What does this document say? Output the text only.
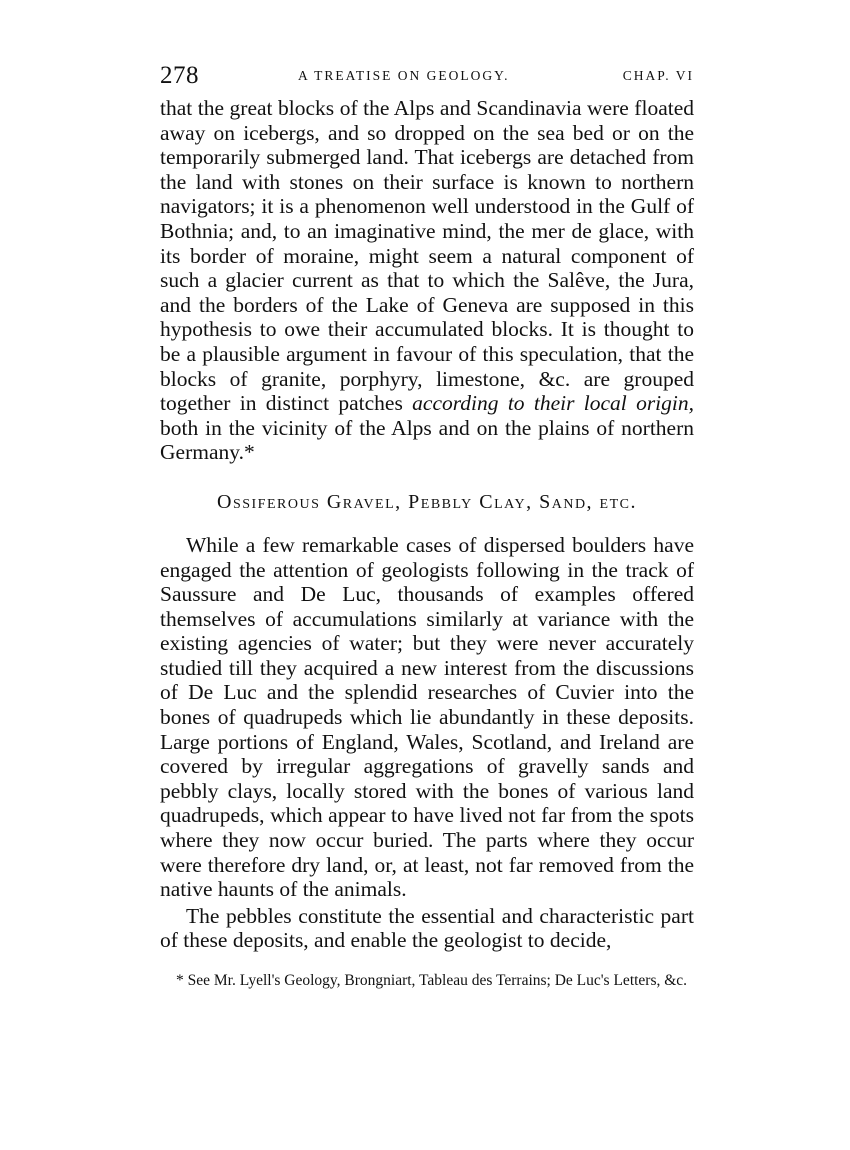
278	A TREATISE ON GEOLOGY.	CHAP. VI

that the great blocks of the Alps and Scandinavia were floated away on icebergs, and so dropped on the sea bed or on the temporarily submerged land. That icebergs are detached from the land with stones on their surface is known to northern navigators; it is a phenomenon well understood in the Gulf of Bothnia; and, to an imaginative mind, the mer de glace, with its border of moraine, might seem a natural component of such a glacier current as that to which the Salêve, the Jura, and the borders of the Lake of Geneva are supposed in this hypothesis to owe their accumulated blocks. It is thought to be a plausible argument in favour of this speculation, that the blocks of granite, porphyry, limestone, &c. are grouped together in distinct patches according to their local origin, both in the vicinity of the Alps and on the plains of northern Germany.*

Ossiferous Gravel, Pebbly Clay, Sand, etc.

While a few remarkable cases of dispersed boulders have engaged the attention of geologists following in the track of Saussure and De Luc, thousands of examples offered themselves of accumulations similarly at variance with the existing agencies of water; but they were never accurately studied till they acquired a new interest from the discussions of De Luc and the splendid researches of Cuvier into the bones of quadrupeds which lie abundantly in these deposits. Large portions of England, Wales, Scotland, and Ireland are covered by irregular aggregations of gravelly sands and pebbly clays, locally stored with the bones of various land quadrupeds, which appear to have lived not far from the spots where they now occur buried. The parts where they occur were therefore dry land, or, at least, not far removed from the native haunts of the animals.

The pebbles constitute the essential and characteristic part of these deposits, and enable the geologist to decide,

* See Mr. Lyell's Geology, Brongniart, Tableau des Terrains; De Luc's Letters, &c.
